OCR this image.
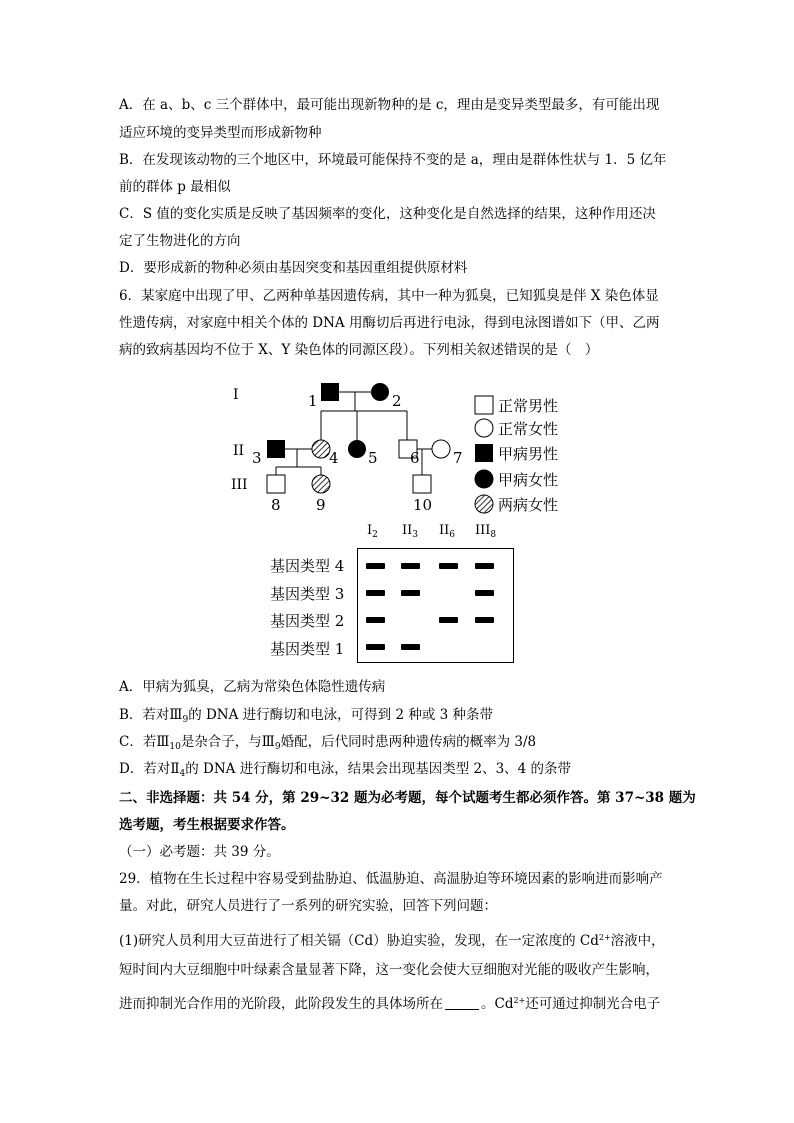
A．在 a、b、c 三个群体中，最可能出现新物种的是 c，理由是变异类型最多，有可能出现
适应环境的变异类型而形成新物种
B．在发现该动物的三个地区中，环境最可能保持不变的是 a，理由是群体性状与 1．5 亿年
前的群体 p 最相似
C．S 值的变化实质是反映了基因频率的变化，这种变化是自然选择的结果，这种作用还决
定了生物进化的方向
D．要形成新的物种必须由基因突变和基因重组提供原材料
6．某家庭中出现了甲、乙两种单基因遗传病，其中一种为狐臭，已知狐臭是伴 X 染色体显
性遗传病，对家庭中相关个体的 DNA 用酶切后再进行电泳，得到电泳图谱如下（甲、乙两
病的致病基因均不位于 X、Y 染色体的同源区段）。下列相关叙述错误的是（　）
I
II
III
1	2
3	4 5 6 7
8 9	10
正常男性
正常女性
甲病男性
甲病女性
两病女性
$I_2$ $II_3$ $II_6$ $III_8$
基因类型 4
基因类型 3
基因类型 2
基因类型 1
A．甲病为狐臭，乙病为常染色体隐性遗传病
B．若对$Ⅲ_9$的 DNA 进行酶切和电泳，可得到 2 种或 3 种条带
C．若$Ⅲ_{10}$是杂合子，与$Ⅲ_9$婚配，后代同时患两种遗传病的概率为 3/8
D．若对$Ⅱ_4$的 DNA 进行酶切和电泳，结果会出现基因类型 2、3、4 的条带
二、非选择题：共 54 分，第 29~32 题为必考题，每个试题考生都必须作答。第 37~38 题为
选考题，考生根据要求作答。
（一）必考题：共 39 分。
29．植物在生长过程中容易受到盐胁迫、低温胁迫、高温胁迫等环境因素的影响进而影响产
量。对此，研究人员进行了一系列的研究实验，回答下列问题：
(1)研究人员利用大豆苗进行了相关镉（Cd）胁迫实验，发现，在一定浓度的 $Cd^{2+}$溶液中，
短时间内大豆细胞中叶绿素含量显著下降，这一变化会使大豆细胞对光能的吸收产生影响，
进而抑制光合作用的光阶段，此阶段发生的具体场所在	。$Cd^{2+}$还可通过抑制光合电子
